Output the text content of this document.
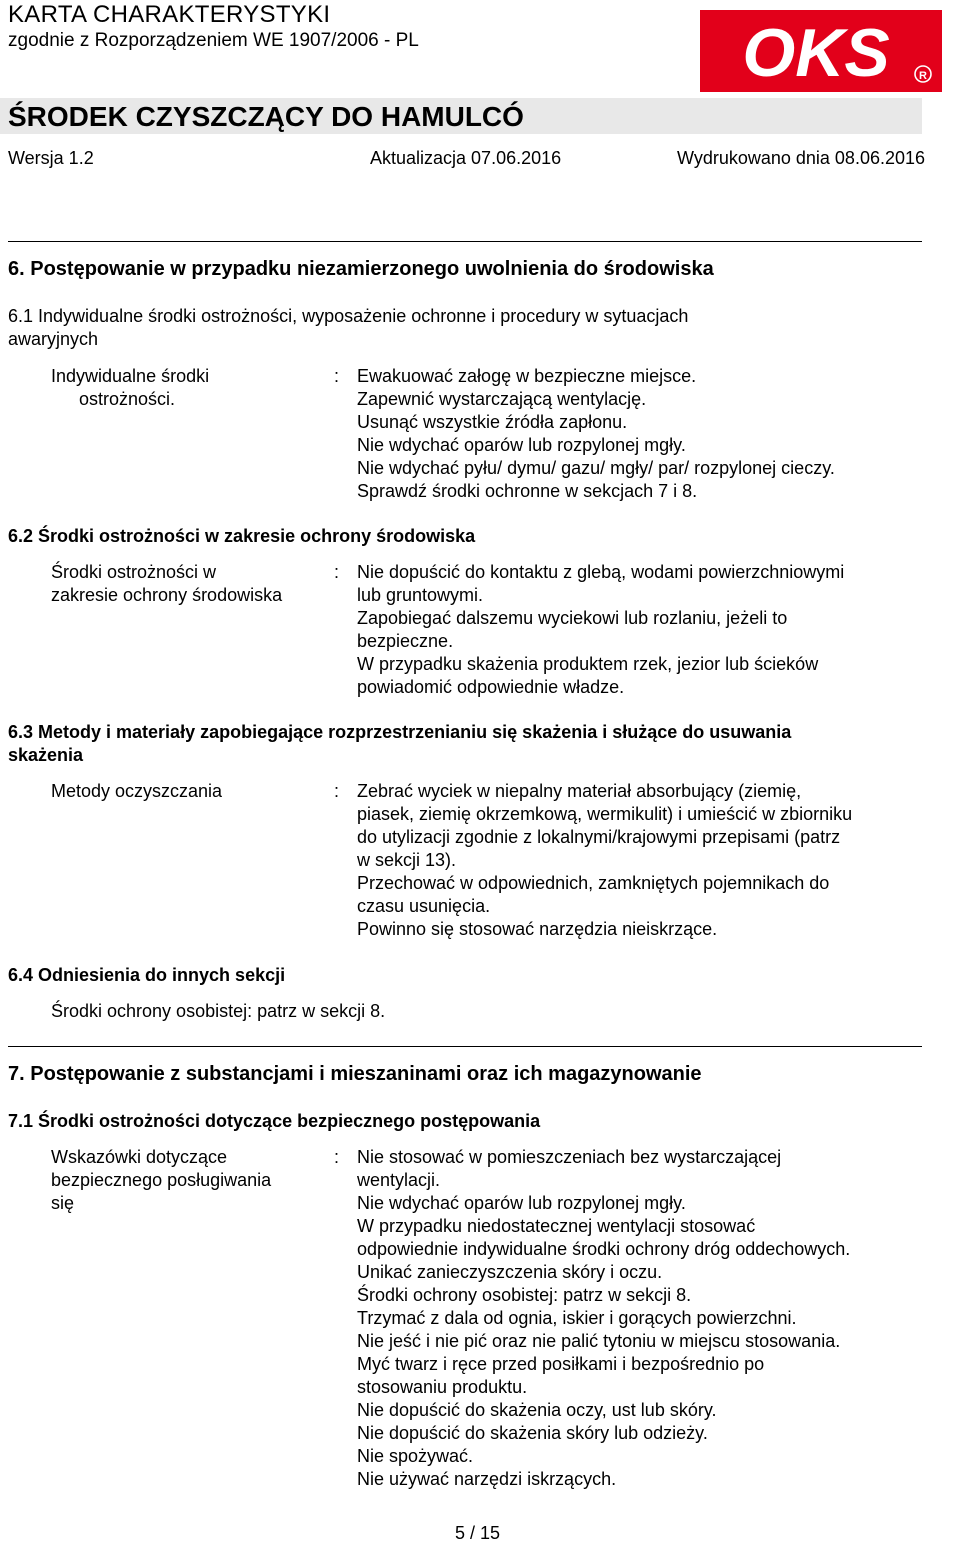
KARTA CHARAKTERYSTYKI
zgodnie z Rozporządzeniem WE 1907/2006 - PL	OKS	R
ŚRODEK CZYSZCZĄCY DO HAMULCÓ
Wersja 1.2	Aktualizacja 07.06.2016	Wydrukowano dnia 08.06.2016
6. Postępowanie w przypadku niezamierzonego uwolnienia do środowiska
6.1 Indywidualne środki ostrożności, wyposażenie ochronne i procedury w sytuacjach
awaryjnych
Indywidualne środki
ostrożności.
: Ewakuować załogę w bezpieczne miejsce.
Zapewnić wystarczającą wentylację.
Usunąć wszystkie źródła zapłonu.
Nie wdychać oparów lub rozpylonej mgły.
Nie wdychać pyłu/ dymu/ gazu/ mgły/ par/ rozpylonej cieczy.
Sprawdź środki ochronne w sekcjach 7 i 8.
6.2 Środki ostrożności w zakresie ochrony środowiska
Środki ostrożności w
zakresie ochrony środowiska
: Nie dopuścić do kontaktu z glebą, wodami powierzchniowymi
lub gruntowymi.
Zapobiegać dalszemu wyciekowi lub rozlaniu, jeżeli to
bezpieczne.
W przypadku skażenia produktem rzek, jezior lub ścieków
powiadomić odpowiednie władze.
6.3 Metody i materiały zapobiegające rozprzestrzenianiu się skażenia i służące do usuwania
skażenia
Metody oczyszczania	: Zebrać wyciek w niepalny materiał absorbujący (ziemię,
piasek, ziemię okrzemkową, wermikulit) i umieścić w zbiorniku
do utylizacji zgodnie z lokalnymi/krajowymi przepisami (patrz
w sekcji 13).
Przechować w odpowiednich, zamkniętych pojemnikach do
czasu usunięcia.
Powinno się stosować narzędzia nieiskrzące.
6.4 Odniesienia do innych sekcji
Środki ochrony osobistej: patrz w sekcji 8.
7. Postępowanie z substancjami i mieszaninami oraz ich magazynowanie
7.1 Środki ostrożności dotyczące bezpiecznego postępowania
Wskazówki dotyczące
bezpiecznego posługiwania
się
: Nie stosować w pomieszczeniach bez wystarczającej
wentylacji.
Nie wdychać oparów lub rozpylonej mgły.
W przypadku niedostatecznej wentylacji stosować
odpowiednie indywidualne środki ochrony dróg oddechowych.
Unikać zanieczyszczenia skóry i oczu.
Środki ochrony osobistej: patrz w sekcji 8.
Trzymać z dala od ognia, iskier i gorących powierzchni.
Nie jeść i nie pić oraz nie palić tytoniu w miejscu stosowania.
Myć twarz i ręce przed posiłkami i bezpośrednio po
stosowaniu produktu.
Nie dopuścić do skażenia oczy, ust lub skóry.
Nie dopuścić do skażenia skóry lub odzieży.
Nie spożywać.
Nie używać narzędzi iskrzących.
5 / 15
